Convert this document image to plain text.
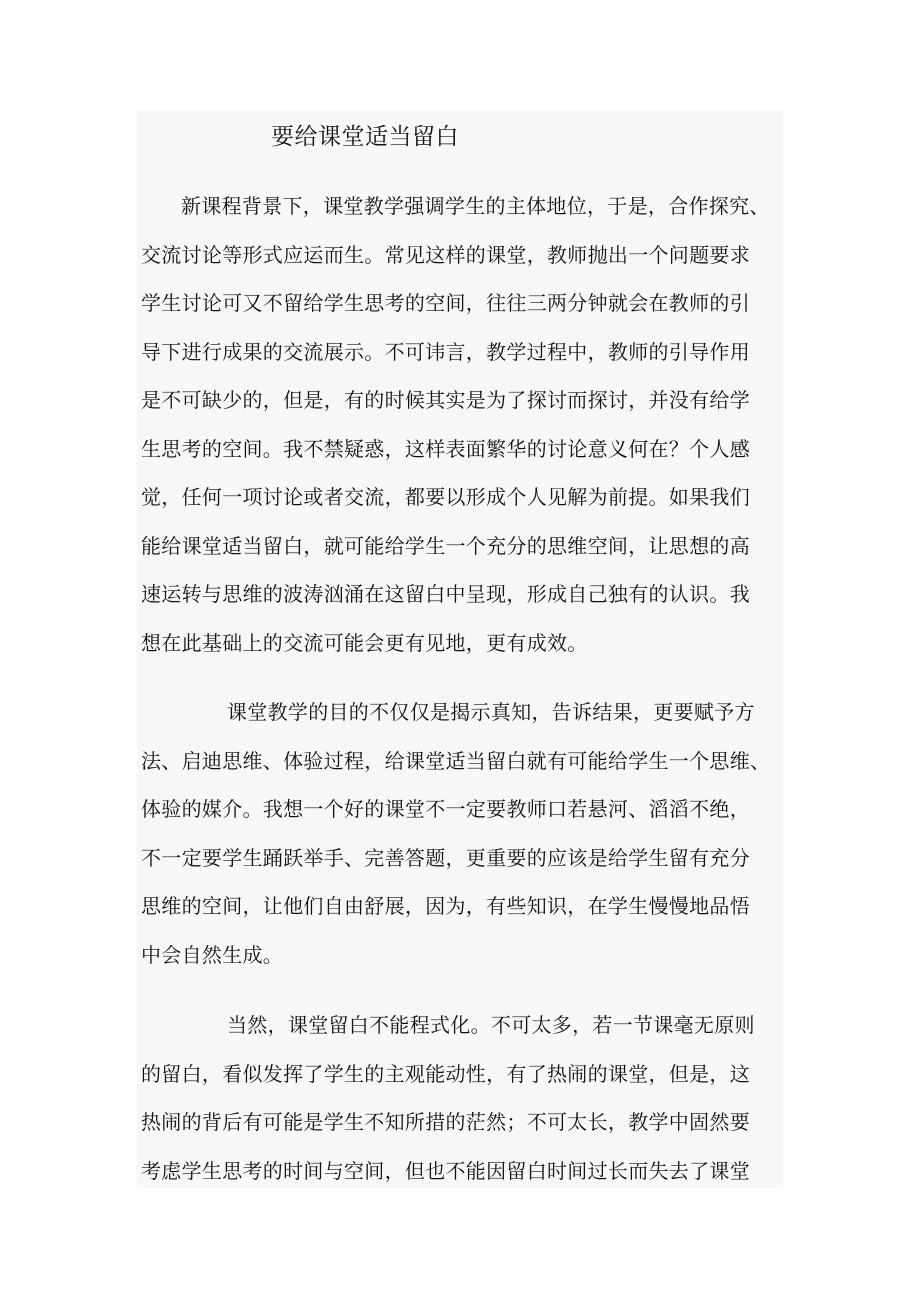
要给课堂适当留白
新课程背景下，课堂教学强调学生的主体地位，于是，合作探究、
交流讨论等形式应运而生。常见这样的课堂，教师抛出一个问题要求
学生讨论可又不留给学生思考的空间，往往三两分钟就会在教师的引
导下进行成果的交流展示。不可讳言，教学过程中，教师的引导作用
是不可缺少的，但是，有的时候其实是为了探讨而探讨，并没有给学
生思考的空间。我不禁疑惑，这样表面繁华的讨论意义何在？个人感
觉，任何一项讨论或者交流，都要以形成个人见解为前提。如果我们
能给课堂适当留白，就可能给学生一个充分的思维空间，让思想的高
速运转与思维的波涛汹涌在这留白中呈现，形成自己独有的认识。我
想在此基础上的交流可能会更有见地，更有成效。
课堂教学的目的不仅仅是揭示真知，告诉结果，更要赋予方
法、启迪思维、体验过程，给课堂适当留白就有可能给学生一个思维、
体验的媒介。我想一个好的课堂不一定要教师口若悬河、滔滔不绝，
不一定要学生踊跃举手、完善答题，更重要的应该是给学生留有充分
思维的空间，让他们自由舒展，因为，有些知识，在学生慢慢地品悟
中会自然生成。
当然，课堂留白不能程式化。不可太多，若一节课毫无原则
的留白，看似发挥了学生的主观能动性，有了热闹的课堂，但是，这
热闹的背后有可能是学生不知所措的茫然；不可太长，教学中固然要
考虑学生思考的时间与空间，但也不能因留白时间过长而失去了课堂
